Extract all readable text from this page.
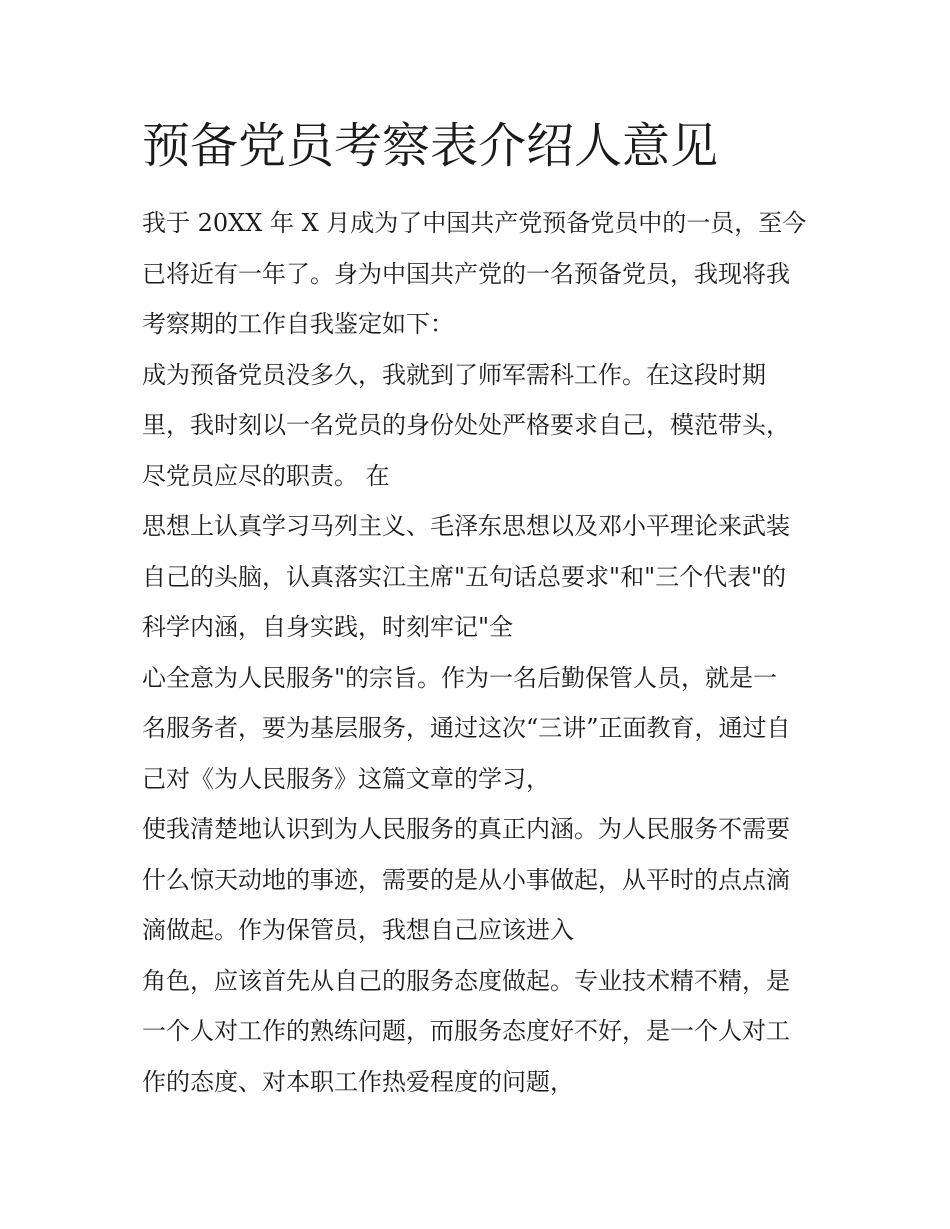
预备党员考察表介绍人意见
我于 20XX 年 X 月成为了中国共产党预备党员中的一员，至今
已将近有一年了。身为中国共产党的一名预备党员，我现将我
考察期的工作自我鉴定如下：
成为预备党员没多久，我就到了师军需科工作。在这段时期
里，我时刻以一名党员的身份处处严格要求自己，模范带头，
尽党员应尽的职责。 在
思想上认真学习马列主义、毛泽东思想以及邓小平理论来武装
自己的头脑，认真落实江主席"五句话总要求"和"三个代表"的
科学内涵，自身实践，时刻牢记"全
心全意为人民服务"的宗旨。作为一名后勤保管人员，就是一
名服务者，要为基层服务，通过这次“三讲”正面教育，通过自
己对《为人民服务》这篇文章的学习，
使我清楚地认识到为人民服务的真正内涵。为人民服务不需要
什么惊天动地的事迹，需要的是从小事做起，从平时的点点滴
滴做起。作为保管员，我想自己应该进入
角色，应该首先从自己的服务态度做起。专业技术精不精，是
一个人对工作的熟练问题，而服务态度好不好，是一个人对工
作的态度、对本职工作热爱程度的问题，
